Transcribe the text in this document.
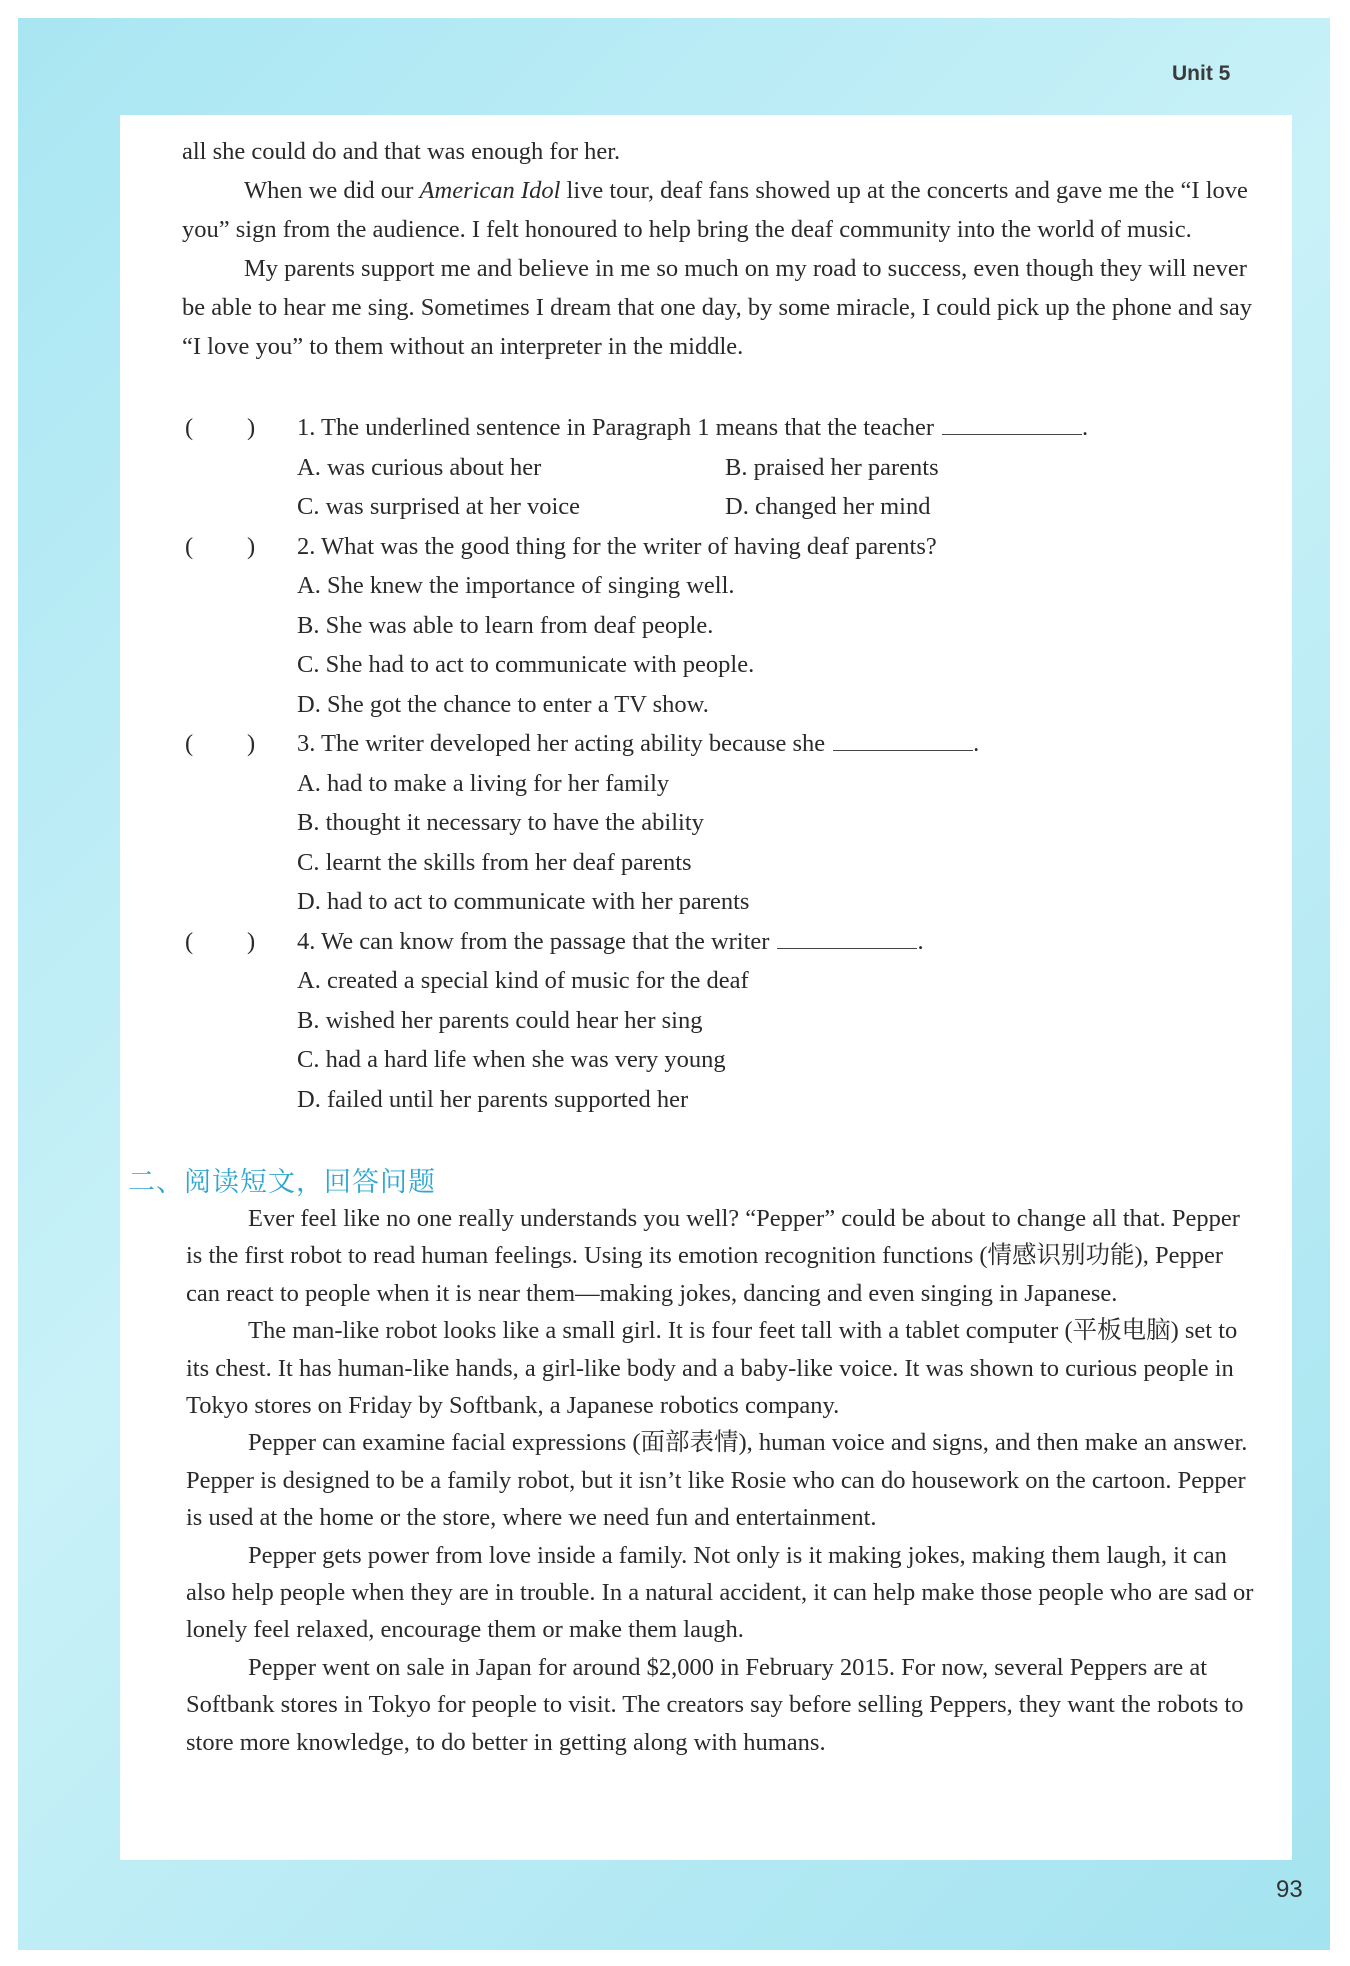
Unit 5

all she could do and that was enough for her.

When we did our American Idol live tour, deaf fans showed up at the concerts and gave me the “I love you” sign from the audience. I felt honoured to help bring the deaf community into the world of music.

My parents support me and believe in me so much on my road to success, even though they will never be able to hear me sing. Sometimes I dream that one day, by some miracle, I could pick up the phone and say “I love you” to them without an interpreter in the middle.

( ) 1. The underlined sentence in Paragraph 1 means that the teacher	.
A. was curious about her	B. praised her parents
C. was surprised at her voice	D. changed her mind
( ) 2. What was the good thing for the writer of having deaf parents?
A. She knew the importance of singing well.
B. She was able to learn from deaf people.
C. She had to act to communicate with people.
D. She got the chance to enter a TV show.
( ) 3. The writer developed her acting ability because she	.
A. had to make a living for her family
B. thought it necessary to have the ability
C. learnt the skills from her deaf parents
D. had to act to communicate with her parents
( ) 4. We can know from the passage that the writer	.
A. created a special kind of music for the deaf
B. wished her parents could hear her sing
C. had a hard life when she was very young
D. failed until her parents supported her
二、阅读短文，回答问题

Ever feel like no one really understands you well? “Pepper” could be about to change all that. Pepper is the first robot to read human feelings. Using its emotion recognition functions (情感识别功能), Pepper can react to people when it is near them—making jokes, dancing and even singing in Japanese.

The man-like robot looks like a small girl. It is four feet tall with a tablet computer (平板电脑) set to its chest. It has human-like hands, a girl-like body and a baby-like voice. It was shown to curious people in Tokyo stores on Friday by Softbank, a Japanese robotics company.

Pepper can examine facial expressions (面部表情), human voice and signs, and then make an answer. Pepper is designed to be a family robot, but it isn’t like Rosie who can do housework on the cartoon. Pepper is used at the home or the store, where we need fun and entertainment.

Pepper gets power from love inside a family. Not only is it making jokes, making them laugh, it can also help people when they are in trouble. In a natural accident, it can help make those people who are sad or lonely feel relaxed, encourage them or make them laugh.

Pepper went on sale in Japan for around $2,000 in February 2015. For now, several Peppers are at Softbank stores in Tokyo for people to visit. The creators say before selling Peppers, they want the robots to store more knowledge, to do better in getting along with humans.

93
